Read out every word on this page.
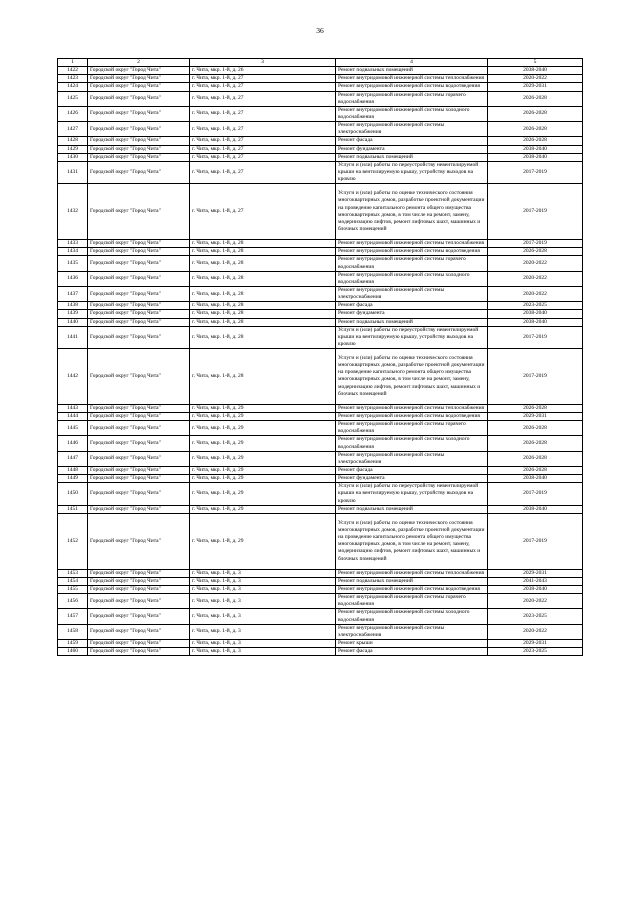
36
1	2	3	4	5
1422	Городской округ "Город Чита"	г. Чита, мкр. 1-й, д. 26	Ремонт подвальных помещений	2038-2040
1423	Городской округ "Город Чита"	г. Чита, мкр. 1-й, д. 27	Ремонт внутридомовой инженерной системы теплоснабжения	2020-2022
1424	Городской округ "Город Чита"	г. Чита, мкр. 1-й, д. 27	Ремонт внутридомовой инженерной системы водоотведения	2029-2031
1425	Городской округ "Город Чита"	г. Чита, мкр. 1-й, д. 27	Ремонт внутридомовой инженерной системы горячего водоснабжения	2026-2028
1426	Городской округ "Город Чита"	г. Чита, мкр. 1-й, д. 27	Ремонт внутридомовой инженерной системы холодного водоснабжения	2026-2028
1427	Городской округ "Город Чита"	г. Чита, мкр. 1-й, д. 27	Ремонт внутридомовой инженерной системы электроснабжения	2026-2028
1428	Городской округ "Город Чита"	г. Чита, мкр. 1-й, д. 27	Ремонт фасада	2026-2028
1429	Городской округ "Город Чита"	г. Чита, мкр. 1-й, д. 27	Ремонт фундамента	2038-2040
1430	Городской округ "Город Чита"	г. Чита, мкр. 1-й, д. 27	Ремонт подвальных помещений	2038-2040
1431	Городской округ "Город Чита"	г. Чита, мкр. 1-й, д. 27	Услуги и (или) работы по переустройству невентилируемой крыши на вентилируемую крышу, устройству выходов на кровлю	2017-2019
1432	Городской округ "Город Чита"	г. Чита, мкр. 1-й, д. 27	Услуги и (или) работы по оценке технического состояния многоквартирных домов, разработке проектной документации на проведение капитального ремонта общего имущества многоквартирных домов, в том числе на ремонт, замену, модернизацию лифтов, ремонт лифтовых шахт, машинных и блочных помещений	2017-2019
1433	Городской округ "Город Чита"	г. Чита, мкр. 1-й, д. 28	Ремонт внутридомовой инженерной системы теплоснабжения	2017-2019
1434	Городской округ "Город Чита"	г. Чита, мкр. 1-й, д. 28	Ремонт внутридомовой инженерной системы водоотведения	2026-2028
1435	Городской округ "Город Чита"	г. Чита, мкр. 1-й, д. 28	Ремонт внутридомовой инженерной системы горячего водоснабжения	2020-2022
1436	Городской округ "Город Чита"	г. Чита, мкр. 1-й, д. 28	Ремонт внутридомовой инженерной системы холодного водоснабжения	2020-2022
1437	Городской округ "Город Чита"	г. Чита, мкр. 1-й, д. 28	Ремонт внутридомовой инженерной системы электроснабжения	2020-2022
1438	Городской округ "Город Чита"	г. Чита, мкр. 1-й, д. 28	Ремонт фасада	2023-2025
1439	Городской округ "Город Чита"	г. Чита, мкр. 1-й, д. 28	Ремонт фундамента	2038-2040
1440	Городской округ "Город Чита"	г. Чита, мкр. 1-й, д. 28	Ремонт подвальных помещений	2038-2040
1441	Городской округ "Город Чита"	г. Чита, мкр. 1-й, д. 28	Услуги и (или) работы по переустройству невентилируемой крыши на вентилируемую крышу, устройству выходов на кровлю	2017-2019
1442	Городской округ "Город Чита"	г. Чита, мкр. 1-й, д. 28	Услуги и (или) работы по оценке технического состояния многоквартирных домов, разработке проектной документации на проведение капитального ремонта общего имущества многоквартирных домов, в том числе на ремонт, замену, модернизацию лифтов, ремонт лифтовых шахт, машинных и блочных помещений	2017-2019
1443	Городской округ "Город Чита"	г. Чита, мкр. 1-й, д. 29	Ремонт внутридомовой инженерной системы теплоснабжения	2026-2028
1444	Городской округ "Город Чита"	г. Чита, мкр. 1-й, д. 29	Ремонт внутридомовой инженерной системы водоотведения	2029-2031
1445	Городской округ "Город Чита"	г. Чита, мкр. 1-й, д. 29	Ремонт внутридомовой инженерной системы горячего водоснабжения	2026-2028
1446	Городской округ "Город Чита"	г. Чита, мкр. 1-й, д. 29	Ремонт внутридомовой инженерной системы холодного водоснабжения	2026-2028
1447	Городской округ "Город Чита"	г. Чита, мкр. 1-й, д. 29	Ремонт внутридомовой инженерной системы электроснабжения	2026-2028
1448	Городской округ "Город Чита"	г. Чита, мкр. 1-й, д. 29	Ремонт фасада	2026-2028
1449	Городской округ "Город Чита"	г. Чита, мкр. 1-й, д. 29	Ремонт фундамента	2038-2040
1450	Городской округ "Город Чита"	г. Чита, мкр. 1-й, д. 29	Услуги и (или) работы по переустройству невентилируемой крыши на вентилируемую крышу, устройству выходов на кровлю	2017-2019
1451	Городской округ "Город Чита"	г. Чита, мкр. 1-й, д. 29	Ремонт подвальных помещений	2038-2040
1452	Городской округ "Город Чита"	г. Чита, мкр. 1-й, д. 29	Услуги и (или) работы по оценке технического состояния многоквартирных домов, разработке проектной документации на проведение капитального ремонта общего имущества многоквартирных домов, в том числе на ремонт, замену, модернизацию лифтов, ремонт лифтовых шахт, машинных и блочных помещений	2017-2019
1453	Городской округ "Город Чита"	г. Чита, мкр. 1-й, д. 3	Ремонт внутридомовой инженерной системы теплоснабжения	2029-2031
1454	Городской округ "Город Чита"	г. Чита, мкр. 1-й, д. 3	Ремонт подвальных помещений	2041-2043
1455	Городской округ "Город Чита"	г. Чита, мкр. 1-й, д. 3	Ремонт внутридомовой инженерной системы водоотведения	2038-2040
1456	Городской округ "Город Чита"	г. Чита, мкр. 1-й, д. 3	Ремонт внутридомовой инженерной системы горячего водоснабжения	2020-2022
1457	Городской округ "Город Чита"	г. Чита, мкр. 1-й, д. 3	Ремонт внутридомовой инженерной системы холодного водоснабжения	2023-2025
1458	Городской округ "Город Чита"	г. Чита, мкр. 1-й, д. 3	Ремонт внутридомовой инженерной системы электроснабжения	2020-2022
1459	Городской округ "Город Чита"	г. Чита, мкр. 1-й, д. 3	Ремонт крыши	2029-2031
1460	Городской округ "Город Чита"	г. Чита, мкр. 1-й, д. 3	Ремонт фасада	2023-2025
